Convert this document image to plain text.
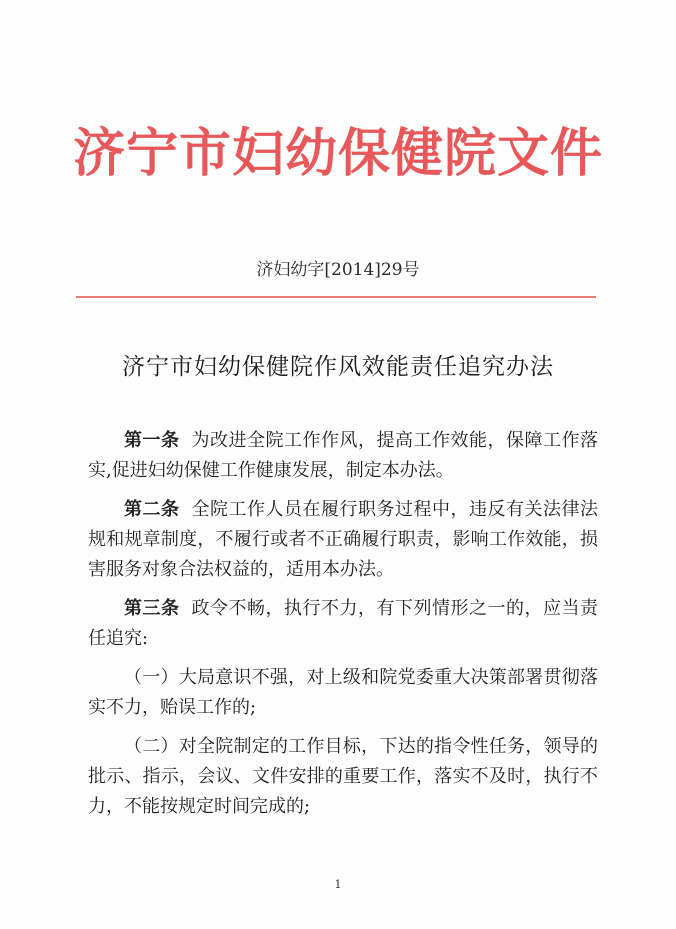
济宁市妇幼保健院文件
济妇幼字[2014]29号
济宁市妇幼保健院作风效能责任追究办法

第一条 为改进全院工作作风，提高工作效能，保障工作落实,促进妇幼保健工作健康发展，制定本办法。

第二条 全院工作人员在履行职务过程中，违反有关法律法规和规章制度，不履行或者不正确履行职责，影响工作效能，损害服务对象合法权益的，适用本办法。

第三条 政令不畅，执行不力，有下列情形之一的，应当责任追究:

（一）大局意识不强，对上级和院党委重大决策部署贯彻落实不力，贻误工作的;

（二）对全院制定的工作目标，下达的指令性任务，领导的批示、指示，会议、文件安排的重要工作，落实不及时，执行不力，不能按规定时间完成的;

1
